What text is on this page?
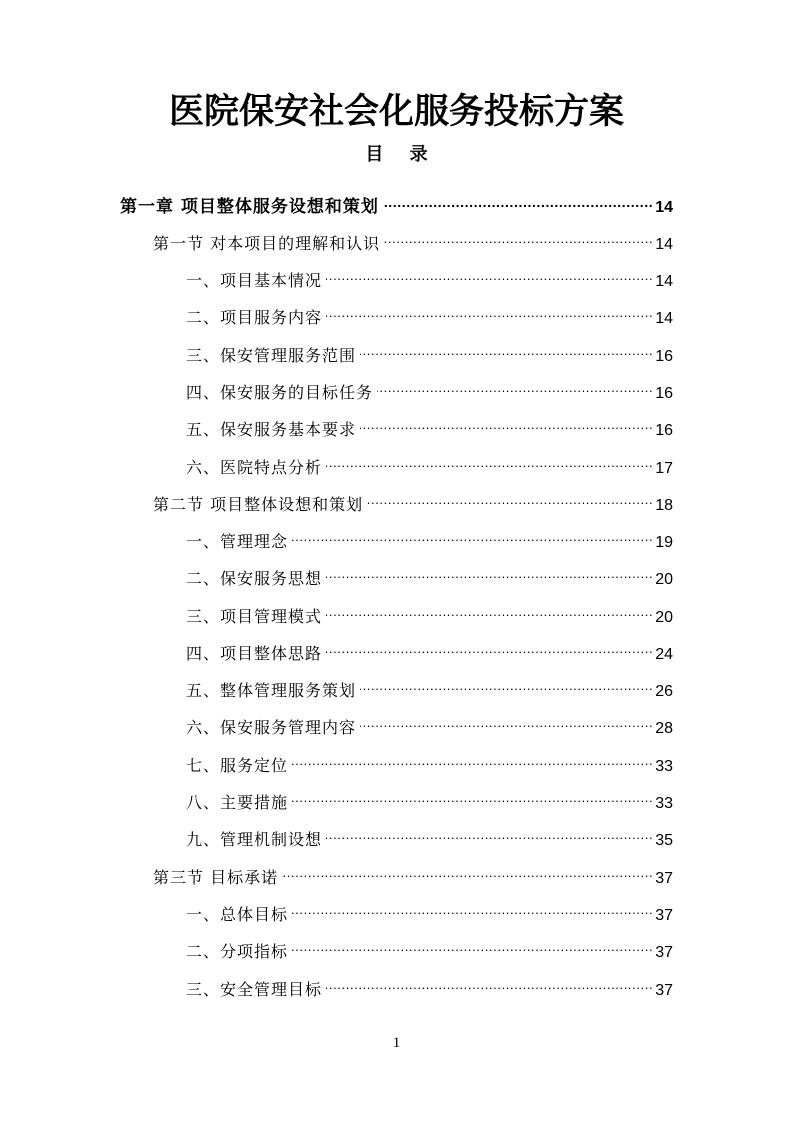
医院保安社会化服务投标方案
目 录
第一章 项目整体服务设想和策划 .....	14
第一节 对本项目的理解和认识 .....	14
一、项目基本情况 .....	14
二、项目服务内容 .....	14
三、保安管理服务范围 .....	16
四、保安服务的目标任务 .....	16
五、保安服务基本要求 .....	16
六、医院特点分析 .....	17
第二节 项目整体设想和策划 .....	18
一、管理理念 .....	19
二、保安服务思想 .....	20
三、项目管理模式 .....	20
四、项目整体思路 .....	24
五、整体管理服务策划 .....	26
六、保安服务管理内容 .....	28
七、服务定位 .....	33
八、主要措施 .....	33
九、管理机制设想 .....	35
第三节 目标承诺 .....	37
一、总体目标 .....	37
二、分项指标 .....	37
三、安全管理目标 .....	37
1
